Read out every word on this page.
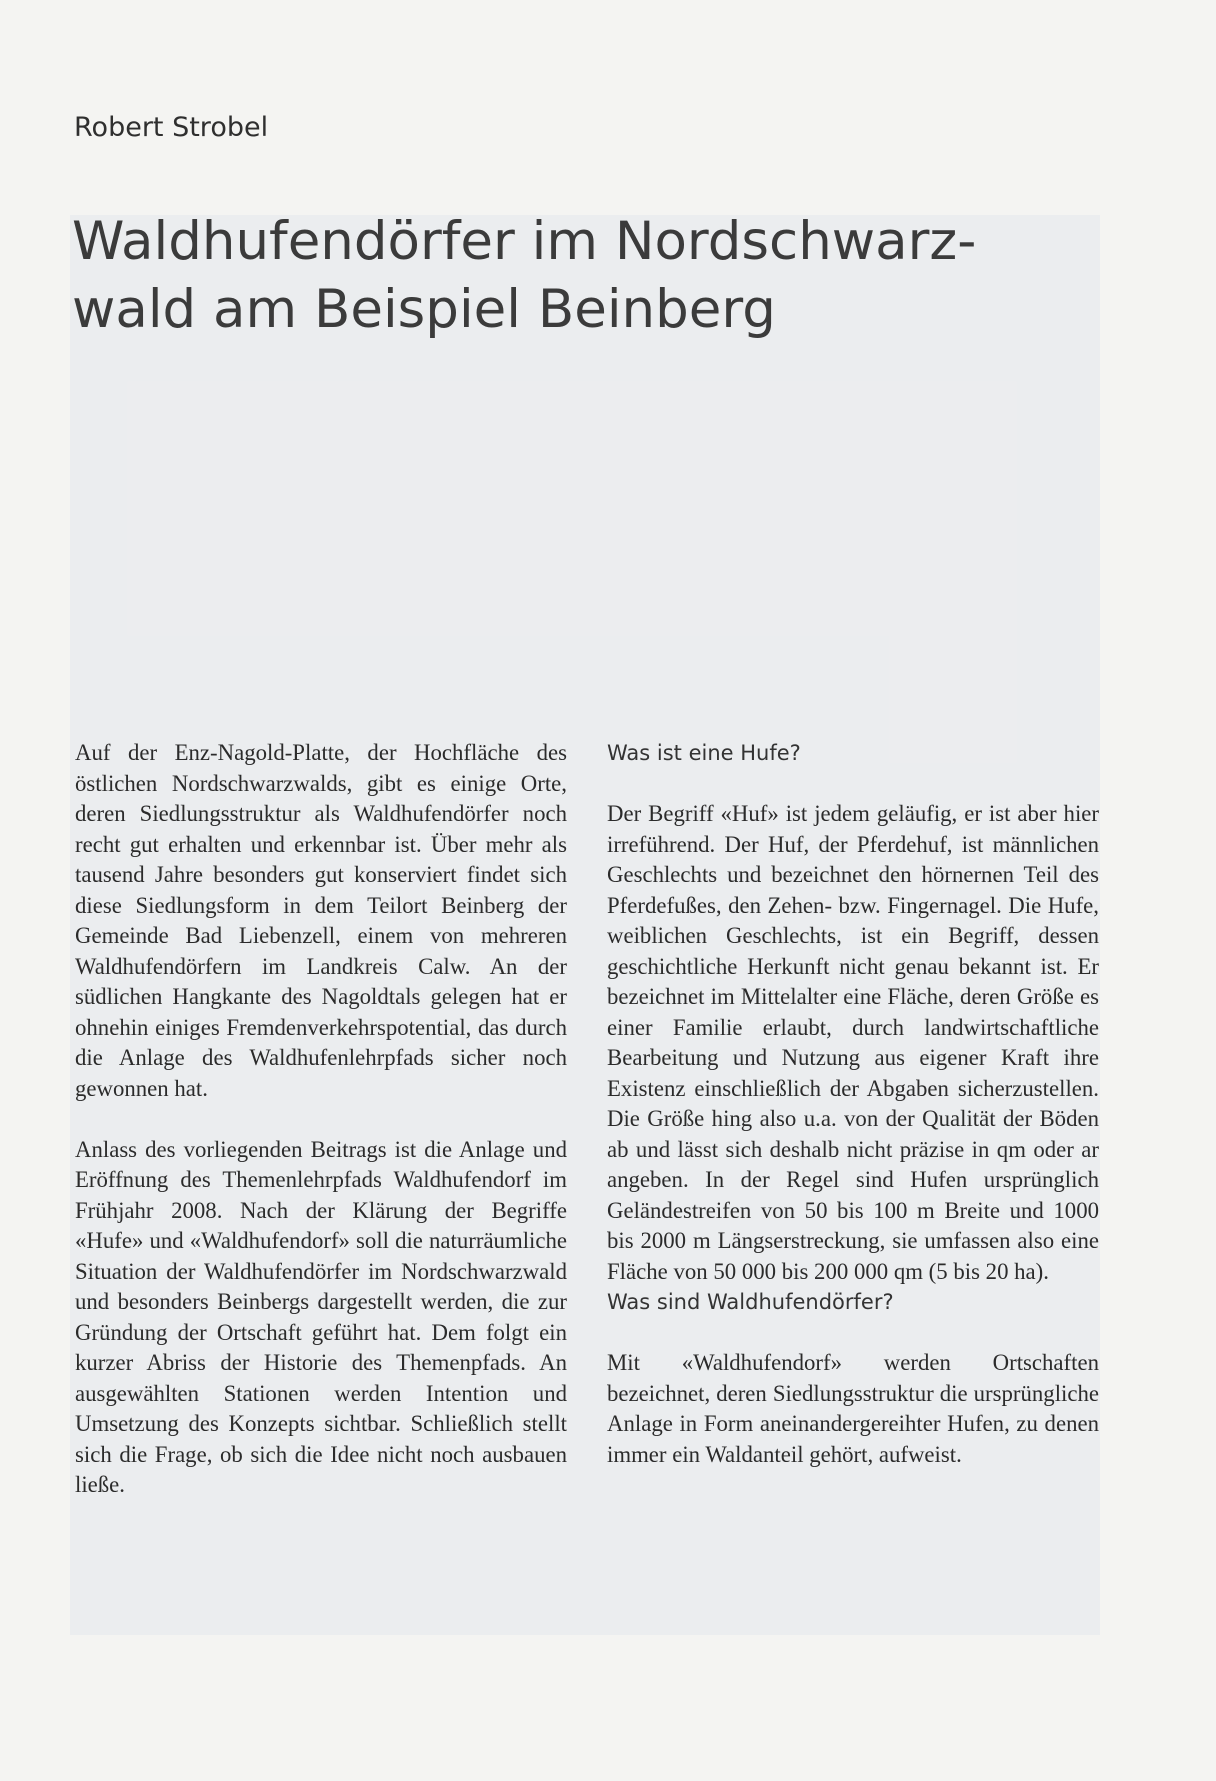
Robert Strobel

Waldhufendörfer im Nordschwarz-
wald am Beispiel Beinberg

Auf der Enz-Nagold-Platte, der Hochfläche des östlichen Nordschwarzwalds, gibt es einige Orte, deren Siedlungsstruktur als Waldhufendörfer noch recht gut erhalten und erkennbar ist. Über mehr als tausend Jahre besonders gut konserviert findet sich diese Siedlungsform in dem Teilort Beinberg der Gemeinde Bad Liebenzell, einem von mehreren Waldhufendörfern im Landkreis Calw. An der südlichen Hangkante des Nagoldtals gelegen hat er ohnehin einiges Fremdenverkehrspotential, das durch die Anlage des Waldhufenlehrpfads sicher noch gewonnen hat.

Anlass des vorliegenden Beitrags ist die Anlage und Eröffnung des Themenlehrpfads Waldhufendorf im Frühjahr 2008. Nach der Klärung der Begriffe «Hufe» und «Waldhufendorf» soll die naturräumliche Situation der Waldhufendörfer im Nordschwarzwald und besonders Beinbergs dargestellt werden, die zur Gründung der Ortschaft geführt hat. Dem folgt ein kurzer Abriss der Historie des Themenpfads. An ausgewählten Stationen werden Intention und Umsetzung des Konzepts sichtbar. Schließlich stellt sich die Frage, ob sich die Idee nicht noch ausbauen ließe.

Was ist eine Hufe?

Der Begriff «Huf» ist jedem geläufig, er ist aber hier irreführend. Der Huf, der Pferdehuf, ist männlichen Geschlechts und bezeichnet den hörnernen Teil des Pferdefußes, den Zehen- bzw. Fingernagel. Die Hufe, weiblichen Geschlechts, ist ein Begriff, dessen geschichtliche Herkunft nicht genau bekannt ist. Er bezeichnet im Mittelalter eine Fläche, deren Größe es einer Familie erlaubt, durch landwirtschaftliche Bearbeitung und Nutzung aus eigener Kraft ihre Existenz einschließlich der Abgaben sicherzustellen. Die Größe hing also u.a. von der Qualität der Böden ab und lässt sich deshalb nicht präzise in qm oder ar angeben. In der Regel sind Hufen ursprünglich Geländestreifen von 50 bis 100 m Breite und 1000 bis 2000 m Längserstreckung, sie umfassen also eine Fläche von 50 000 bis 200 000 qm (5 bis 20 ha).

Was sind Waldhufendörfer?

Mit «Waldhufendorf» werden Ortschaften bezeichnet, deren Siedlungsstruktur die ursprüngliche Anlage in Form aneinandergereihter Hufen, zu denen immer ein Waldanteil gehört, aufweist.
